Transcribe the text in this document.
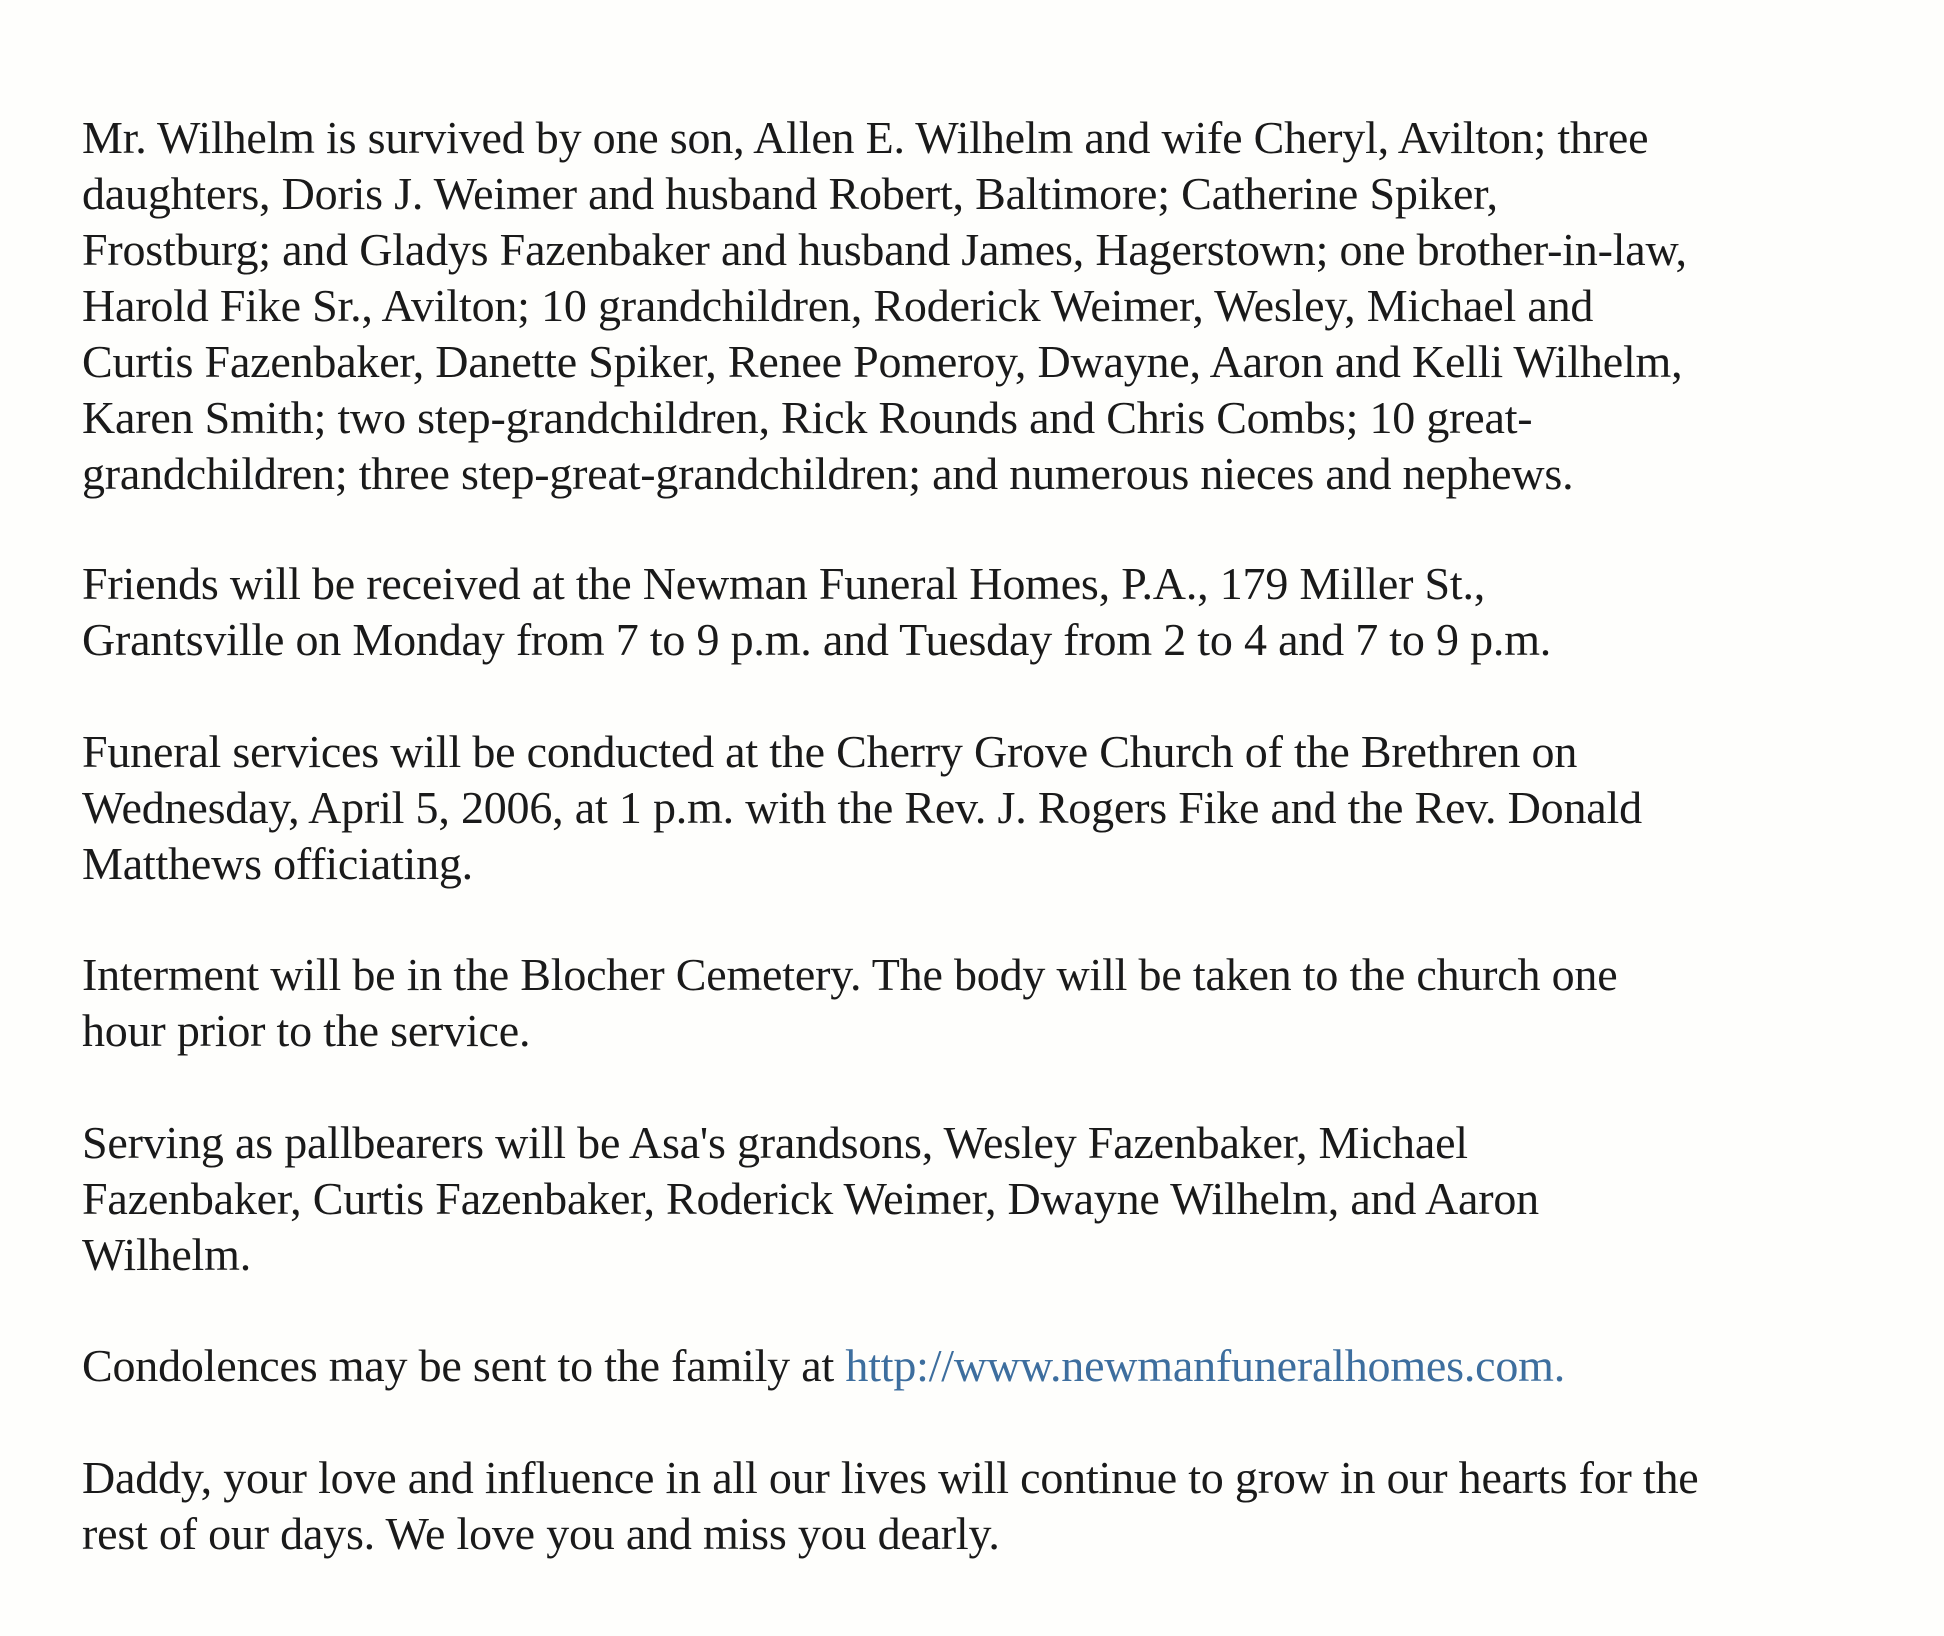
Mr. Wilhelm is survived by one son, Allen E. Wilhelm and wife Cheryl, Avilton; three
daughters, Doris J. Weimer and husband Robert, Baltimore; Catherine Spiker,
Frostburg; and Gladys Fazenbaker and husband James, Hagerstown; one brother-in-law,
Harold Fike Sr., Avilton; 10 grandchildren, Roderick Weimer, Wesley, Michael and
Curtis Fazenbaker, Danette Spiker, Renee Pomeroy, Dwayne, Aaron and Kelli Wilhelm,
Karen Smith; two step-grandchildren, Rick Rounds and Chris Combs; 10 great-
grandchildren; three step-great-grandchildren; and numerous nieces and nephews.

Friends will be received at the Newman Funeral Homes, P.A., 179 Miller St.,
Grantsville on Monday from 7 to 9 p.m. and Tuesday from 2 to 4 and 7 to 9 p.m.

Funeral services will be conducted at the Cherry Grove Church of the Brethren on
Wednesday, April 5, 2006, at 1 p.m. with the Rev. J. Rogers Fike and the Rev. Donald
Matthews officiating.

Interment will be in the Blocher Cemetery. The body will be taken to the church one
hour prior to the service.

Serving as pallbearers will be Asa's grandsons, Wesley Fazenbaker, Michael
Fazenbaker, Curtis Fazenbaker, Roderick Weimer, Dwayne Wilhelm, and Aaron
Wilhelm.

Condolences may be sent to the family at http://www.newmanfuneralhomes.com.

Daddy, your love and influence in all our lives will continue to grow in our hearts for the
rest of our days. We love you and miss you dearly.
